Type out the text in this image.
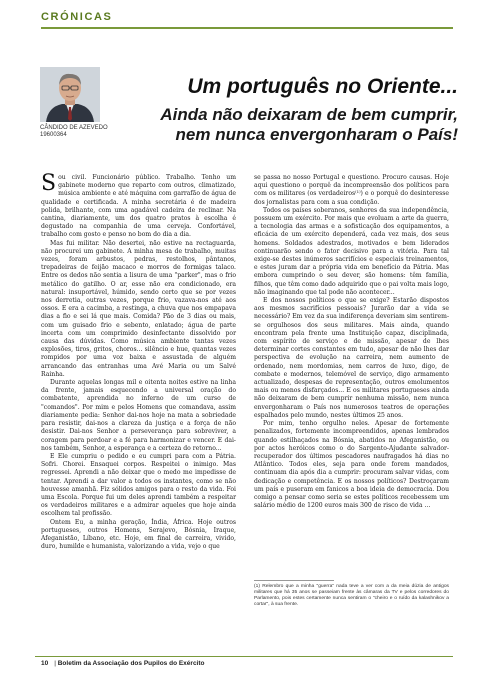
CRÓNICAS
CÂNDIDO DE AZEVEDO
19600364
Um português no Oriente...
Ainda não deixaram de bem cumprir, nem nunca envergonharam o País!

Sou civil. Funcionário público. Trabalho. Tenho um gabinete moderno que reparto com outros, climatizado, música ambiente e até máquina com garrafão de água de qualidade e certificada. A minha secretária é de madeira polida, brilhante, com uma agadável cadeira de reclinar. Na cantina, diariamente, um dos quatro pratos à escolha é degustado na companhia de uma cerveja. Confortável, trabalho com gosto e penso no bom do dia a dia.

Mas fui militar. Não desertei, não estive na rectaguarda, não procurei um gabinete. A minha mesa de trabalho, muitas vezes, foram arbustos, pedras, restolhos, pântanos, trepadeiras de feijão macaco e morros de formigas talaco. Entre os dedos não sentia a lisura de uma "parker", mas o frio metálico do gatilho. O ar, esse não era condicionado, era natural: insuportável, húmido, sendo certo que se por vezes nos derretia, outras vezes, porque frio, vazava-nos até aos ossos. E era a cacimba, a restinga, a chuva que nos empapava dias a fio e sei lá que mais. Comida? Pão de 3 dias ou mais, com um guisado frio e sebento, enlatado; água de parte incerta com um comprimido desinfectante dissolvido por causa das dúvidas. Como música ambiente tantas vezes explosões, tiros, gritos, choros... silêncio e hue, quantas vezes rompidos por uma voz baixa e assustada de alguém arrancando das entranhas uma Avé Maria ou um Salvé Rainha.

Durante aquelas longas mil e oitenta noites estive na linha da frente, jamais esquecendo a universal oração do combatente, aprendida no inferno de um curso de "comandos". Por mim e pelos Homens que comandava, assim diariamente pedia: Senhor dai-nos hoje na mata a sobriedade para resistir, dai-nos a clareza da justiça e a força de não desistir. Dai-nos Senhor a perseverança para sobreviver, a coragem para perdoar e a fé para harmonizar e vencer. E dai-nos também, Senhor, a esperança e a certeza do retorno...

E Ele cumpriu o pedido e eu cumpri para com a Pátria. Sofri. Chorei. Ensaquei corpos. Respeitei o inimigo. Mas regressei. Aprendi a não deixar que o medo me impedisse de tentar. Aprendi a dar valor a todos os instantes, como se não houvesse amanhã. Fiz sólidos amigos para o resto da vida. Foi uma Escola. Porque fui um deles aprendi também a respeitar os verdadeiros militares e a admirar aqueles que hoje ainda escolhem tal profissão.

Ontem Eu, a minha geração, Índia, África. Hoje outros portugueses, outros Homens, Serajevo, Bósnia, Iraque, Afeganistão, Líbano, etc. Hoje, em final de carreira, vivido, duro, humilde e humanista, valorizando a vida, vejo o que

se passa no nosso Portugal e questiono. Procuro causas. Hoje aqui questiono o porquê da incompreensão dos políticos para com os militares (os verdadeiros⁽¹⁾) e o porquê do desinteresse dos jornalistas para com a sua condição.

Todos os países soberanos, senhores da sua independência, possuem um exército. Por mais que evoluam a arte da guerra, a tecnologia das armas e a sofisticação dos equipamentos, a eficácia de um exército dependerá, cada vez mais, dos seus homens. Soldados adestrados, motivados e bem liderados continuarão sendo o fator decisivo para a vitória. Para tal exige-se destes inúmeros sacrifícios e especiais treinamentos, e estes juram dar a própria vida em benefício da Pátria. Mas embora cumprindo o seu dever, são homens: têm família, filhos, que têm como dado adquirido que o pai volta mais logo, não imaginando que tal pode não acontecer...

E dos nossos políticos o que se exige? Estarão dispostos aos mesmos sacrifícios pessoais? Jurarão dar a vida se necessário? Em vez da sua indiferença deveriam sim sentirem-se orgulhosos dos seus militares. Mais ainda, quando encontram pela frente uma Instituição capaz, disciplinada, com espírito de serviço e de missão, apesar de lhes determinar cortes constantes em tudo, apesar de não lhes dar perspectiva de evolução na carreira, nem aumento de ordenado, nem mordomias, nem carros de luxo, digo, de combate e modernos, telemóvel de serviço, digo armamento actualizado, despesas de representação, outros emolumentos mais ou menos disfarçados... E os militares portugueses ainda não deixaram de bem cumprir nenhuma missão, nem nunca envergonharam o País nos numerosos teatros de operações espalhados pelo mundo, nestes últimos 25 anos.

Por mim, tenho orgulho neles. Apesar de fortemente penalizados, fortemente incompreendidos, apenas lembrados quando estilhaçados na Bósnia, abatidos no Afeganistão, ou por actos heróicos como o do Sargento-Ajudante salvador-recuperador dos últimos pescadores naufragados há dias no Atlântico. Todos eles, seja para onde forem mandados, continuam dia após dia a cumprir: procuram salvar vidas, com dedicação e competência. E os nossos políticos? Destroçaram um país e puseram em fanicos a boa ideia de democracia. Dou comigo a pensar como seria se estes políticos recebessem um salário médio de 1200 euros mais 300 de risco de vida ...

(1) Relembro que a minha "guerra" nada teve a ver com a da meia dúzia de antigos militares que há 35 anos se passeiam frente às câmaras da TV e pelos corredores do Parlamento, pois estes certamente nunca sentiram o "cheiro e o ruído da kalashnikov a cortar", à sua frente.
10 | Boletim da Associação dos Pupilos do Exército
